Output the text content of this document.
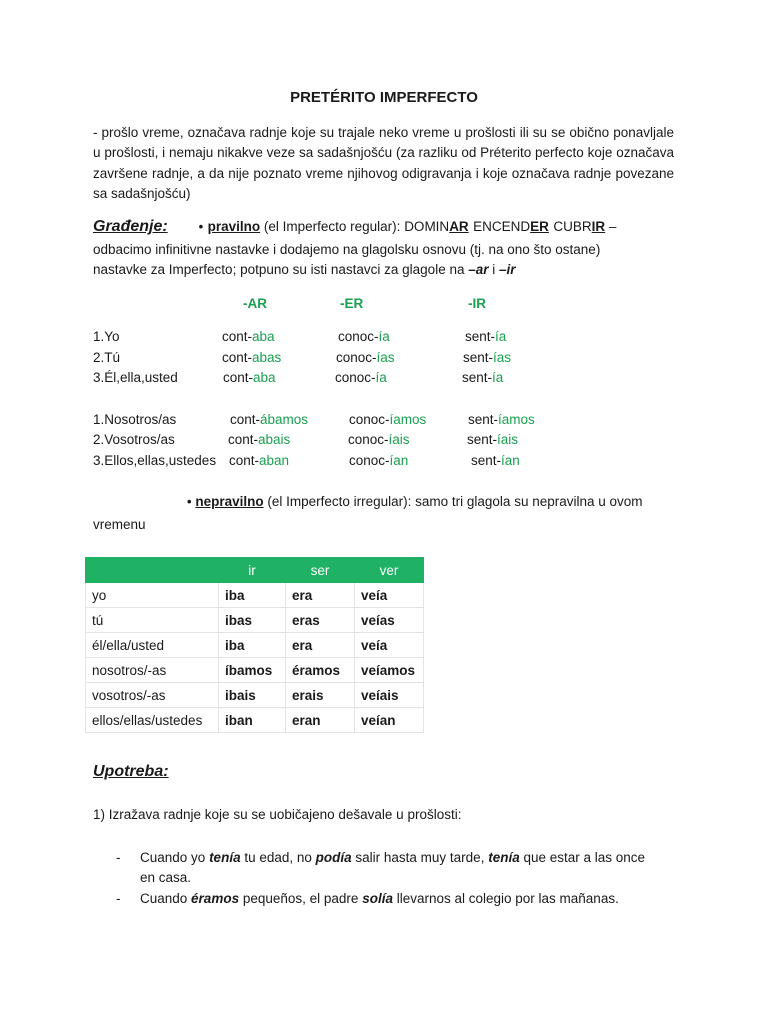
PRETÉRITO IMPERFECTO
- prošlo vreme, označava radnje koje su trajale neko vreme u prošlosti ili su se obično ponavljale u prošlosti, i nemaju nikakve veze sa sadašnjošću (za razliku od Préterito perfecto koje označava završene radnje, a da nije poznato vreme njihovog odigravanja i koje označava radnje povezane sa sadašnjošću)
Građenje: • pravilno (el Imperfecto regular): DOMINAR ENCENDER CUBRIR –
odbacimo infinitivne nastavke i dodajemo na glagolsku osnovu (tj. na ono što ostane)
nastavke za Imperfecto; potpuno su isti nastavci za glagole na –ar i –ir
-AR	-ER	-IR
1.Yo	cont-aba	conoc-ía	sent-ía
2.Tú	cont-abas	conoc-ías	sent-ías
3.Él,ella,usted	cont-aba	conoc-ía	sent-ía
1.Nosotros/as	cont-ábamos	conoc-íamos	sent-íamos
2.Vosotros/as	cont-abais	conoc-íais	sent-íais
3.Ellos,ellas,ustedes cont-aban	conoc-ían	sent-ían
• nepravilno (el Imperfecto irregular): samo tri glagola su nepravilna u ovom
vremenu
	ir	ser	ver
yo	iba	era	veía
tú	ibas	eras	veías
él/ella/usted	iba	era	veía
nosotros/-as	íbamos	éramos	veíamos
vosotros/-as	ibais	erais	veíais
ellos/ellas/ustedes	iban	eran	veían
Upotreba:
1) Izražava radnje koje su se uobičajeno dešavale u prošlosti:
- Cuando yo tenía tu edad, no podía salir hasta muy tarde, tenía que estar a las once
en casa.
- Cuando éramos pequeños, el padre solía llevarnos al colegio por las mañanas.
